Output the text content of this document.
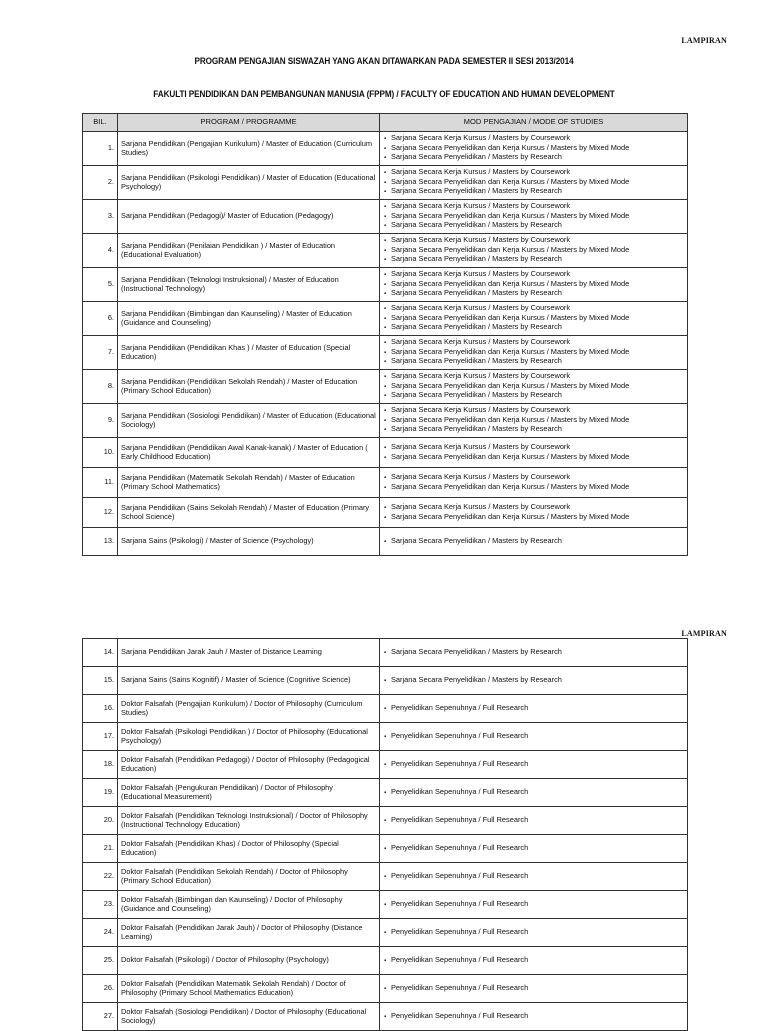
LAMPIRAN
PROGRAM PENGAJIAN SISWAZAH YANG AKAN DITAWARKAN PADA SEMESTER II SESI 2013/2014
FAKULTI PENDIDIKAN DAN PEMBANGUNAN MANUSIA (FPPM) / FACULTY OF EDUCATION AND HUMAN DEVELOPMENT
BIL.	PROGRAM / PROGRAMME	MOD PENGAJIAN / MODE OF STUDIES
1.	Sarjana Pendidikan (Pengajian Kurikulum) / Master of Education (Curriculum Studies)	▪ Sarjana Secara Kerja Kursus / Masters by Coursework
▪ Sarjana Secara Penyelidikan dan Kerja Kursus / Masters by Mixed Mode
▪ Sarjana Secara Penyelidikan / Masters by Research

2.	Sarjana Pendidikan (Psikologi Pendidikan) / Master of Education (Educational Psychology)	▪ Sarjana Secara Kerja Kursus / Masters by Coursework
▪ Sarjana Secara Penyelidikan dan Kerja Kursus / Masters by Mixed Mode
▪ Sarjana Secara Penyelidikan / Masters by Research

3.	Sarjana Pendidikan (Pedagogi)/ Master of Education (Pedagogy)	▪ Sarjana Secara Kerja Kursus / Masters by Coursework
▪ Sarjana Secara Penyelidikan dan Kerja Kursus / Masters by Mixed Mode
▪ Sarjana Secara Penyelidikan / Masters by Research

4.	Sarjana Pendidikan (Penilaian Pendidikan ) / Master of Education (Educational Evaluation)	▪ Sarjana Secara Kerja Kursus / Masters by Coursework
▪ Sarjana Secara Penyelidikan dan Kerja Kursus / Masters by Mixed Mode
▪ Sarjana Secara Penyelidikan / Masters by Research

5.	Sarjana Pendidikan (Teknologi Instruksional) / Master of Education (Instructional Technology)	▪ Sarjana Secara Kerja Kursus / Masters by Coursework
▪ Sarjana Secara Penyelidikan dan Kerja Kursus / Masters by Mixed Mode
▪ Sarjana Secara Penyelidikan / Masters by Research

6.	Sarjana Pendidikan (Bimbingan dan Kaunseling) / Master of Education (Guidance and Counseling)	▪ Sarjana Secara Kerja Kursus / Masters by Coursework
▪ Sarjana Secara Penyelidikan dan Kerja Kursus / Masters by Mixed Mode
▪ Sarjana Secara Penyelidikan / Masters by Research

7.	Sarjana Pendidikan (Pendidikan Khas ) / Master of Education (Special Education)	▪ Sarjana Secara Kerja Kursus / Masters by Coursework
▪ Sarjana Secara Penyelidikan dan Kerja Kursus / Masters by Mixed Mode
▪ Sarjana Secara Penyelidikan / Masters by Research

8.	Sarjana Pendidikan (Pendidikan Sekolah Rendah) / Master of Education (Primary School Education)	▪ Sarjana Secara Kerja Kursus / Masters by Coursework
▪ Sarjana Secara Penyelidikan dan Kerja Kursus / Masters by Mixed Mode
▪ Sarjana Secara Penyelidikan / Masters by Research

9.	Sarjana Pendidikan (Sosiologi Pendidikan) / Master of Education (Educational Sociology)	▪ Sarjana Secara Kerja Kursus / Masters by Coursework
▪ Sarjana Secara Penyelidikan dan Kerja Kursus / Masters by Mixed Mode
▪ Sarjana Secara Penyelidikan / Masters by Research

10.	Sarjana Pendidikan (Pendidikan Awal Kanak-kanak) / Master of Education ( Early Childhood Education)	▪ Sarjana Secara Kerja Kursus / Masters by Coursework
▪ Sarjana Secara Penyelidikan dan Kerja Kursus / Masters by Mixed Mode

11.	Sarjana Pendidikan (Matematik Sekolah Rendah) / Master of Education (Primary School Mathematics)	▪ Sarjana Secara Kerja Kursus / Masters by Coursework
▪ Sarjana Secara Penyelidikan dan Kerja Kursus / Masters by Mixed Mode

12.	Sarjana Pendidikan (Sains Sekolah Rendah) / Master of Education (Primary School Science)	▪ Sarjana Secara Kerja Kursus / Masters by Coursework
▪ Sarjana Secara Penyelidikan dan Kerja Kursus / Masters by Mixed Mode

13.	Sarjana Sains (Psikologi) / Master of Science (Psychology)	▪ Sarjana Secara Penyelidikan / Masters by Research
LAMPIRAN
14.	Sarjana Pendidikan Jarak Jauh / Master of Distance Learning	▪ Sarjana Secara Penyelidikan / Masters by Research

15.	Sarjana Sains (Sains Kognitif) / Master of Science (Cognitive Science)	▪ Sarjana Secara Penyelidikan / Masters by Research

16.	Doktor Falsafah (Pengajian Kurikulum) / Doctor of Philosophy (Curriculum Studies)	▪ Penyelidikan Sepenuhnya / Full Research

17.	Doktor Falsafah (Psikologi Pendidikan ) / Doctor of Philosophy (Educational Psychology)	▪ Penyelidikan Sepenuhnya / Full Research

18.	Doktor Falsafah (Pendidikan Pedagogi) / Doctor of Philosophy (Pedagogical Education)	▪ Penyelidikan Sepenuhnya / Full Research

19.	Doktor Falsafah (Pengukuran Pendidikan) / Doctor of Philosophy (Educational Measurement)	▪ Penyelidikan Sepenuhnya / Full Research

20.	Doktor Falsafah (Pendidikan Teknologi Instruksional) / Doctor of Philosophy (Instructional Technology Education)	▪ Penyelidikan Sepenuhnya / Full Research

21.	Doktor Falsafah (Pendidikan Khas) / Doctor of Philosophy (Special Education)	▪ Penyelidikan Sepenuhnya / Full Research

22.	Doktor Falsafah (Pendidikan Sekolah Rendah) / Doctor of Philosophy (Primary School Education)	▪ Penyelidikan Sepenuhnya / Full Research

23.	Doktor Falsafah (Bimbingan dan Kaunseling) / Doctor of Philosophy (Guidance and Counseling)	▪ Penyelidikan Sepenuhnya / Full Research

24.	Doktor Falsafah (Pendidikan Jarak Jauh) / Doctor of Philosophy (Distance Learning)	▪ Penyelidikan Sepenuhnya / Full Research

25.	Doktor Falsafah (Psikologi) / Doctor of Philosophy (Psychology)	▪ Penyelidikan Sepenuhnya / Full Research

26.	Doktor Falsafah (Pendidikan Matematik Sekolah Rendah) / Doctor of Philosophy (Primary School Mathematics Education)	▪ Penyelidikan Sepenuhnya / Full Research

27.	Doktor Falsafah (Sosiologi Pendidikan) / Doctor of Philosophy (Educational Sociology)	▪ Penyelidikan Sepenuhnya / Full Research
